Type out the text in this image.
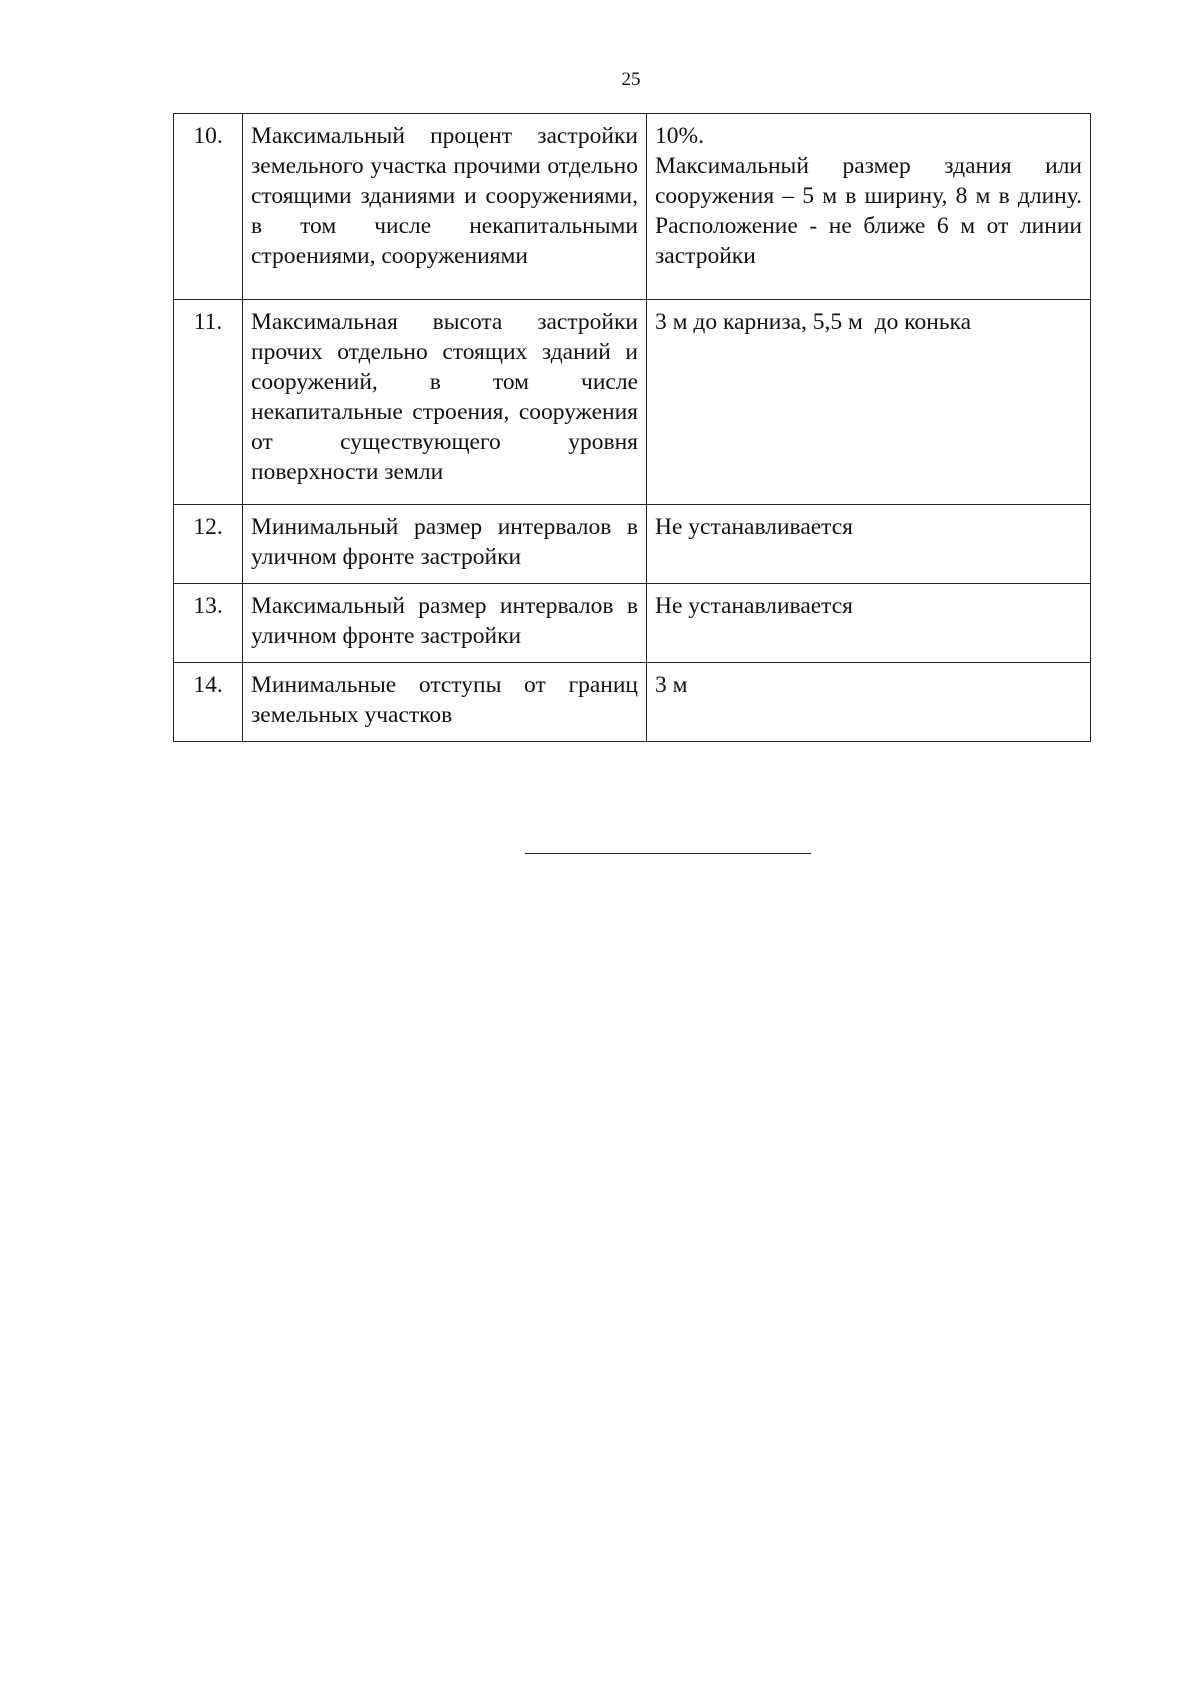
25
10.	Максимальный процент застройки земельного участка прочими отдельно стоящими зданиями и сооружениями, в том числе некапитальными строениями, сооружениями	10%.
Максимальный размер здания или сооружения – 5 м в ширину, 8 м в длину. Расположение - не ближе 6 м от линии застройки

11.	Максимальная высота застройки прочих отдельно стоящих зданий и сооружений, в том числе некапитальные строения, сооружения от существующего уровня поверхности земли	3 м до карниза, 5,5 м  до конька

12.	Минимальный размер интервалов в уличном фронте застройки	Не устанавливается

13.	Максимальный размер интервалов в уличном фронте застройки	Не устанавливается

14.	Минимальные отступы от границ земельных участков	3 м
